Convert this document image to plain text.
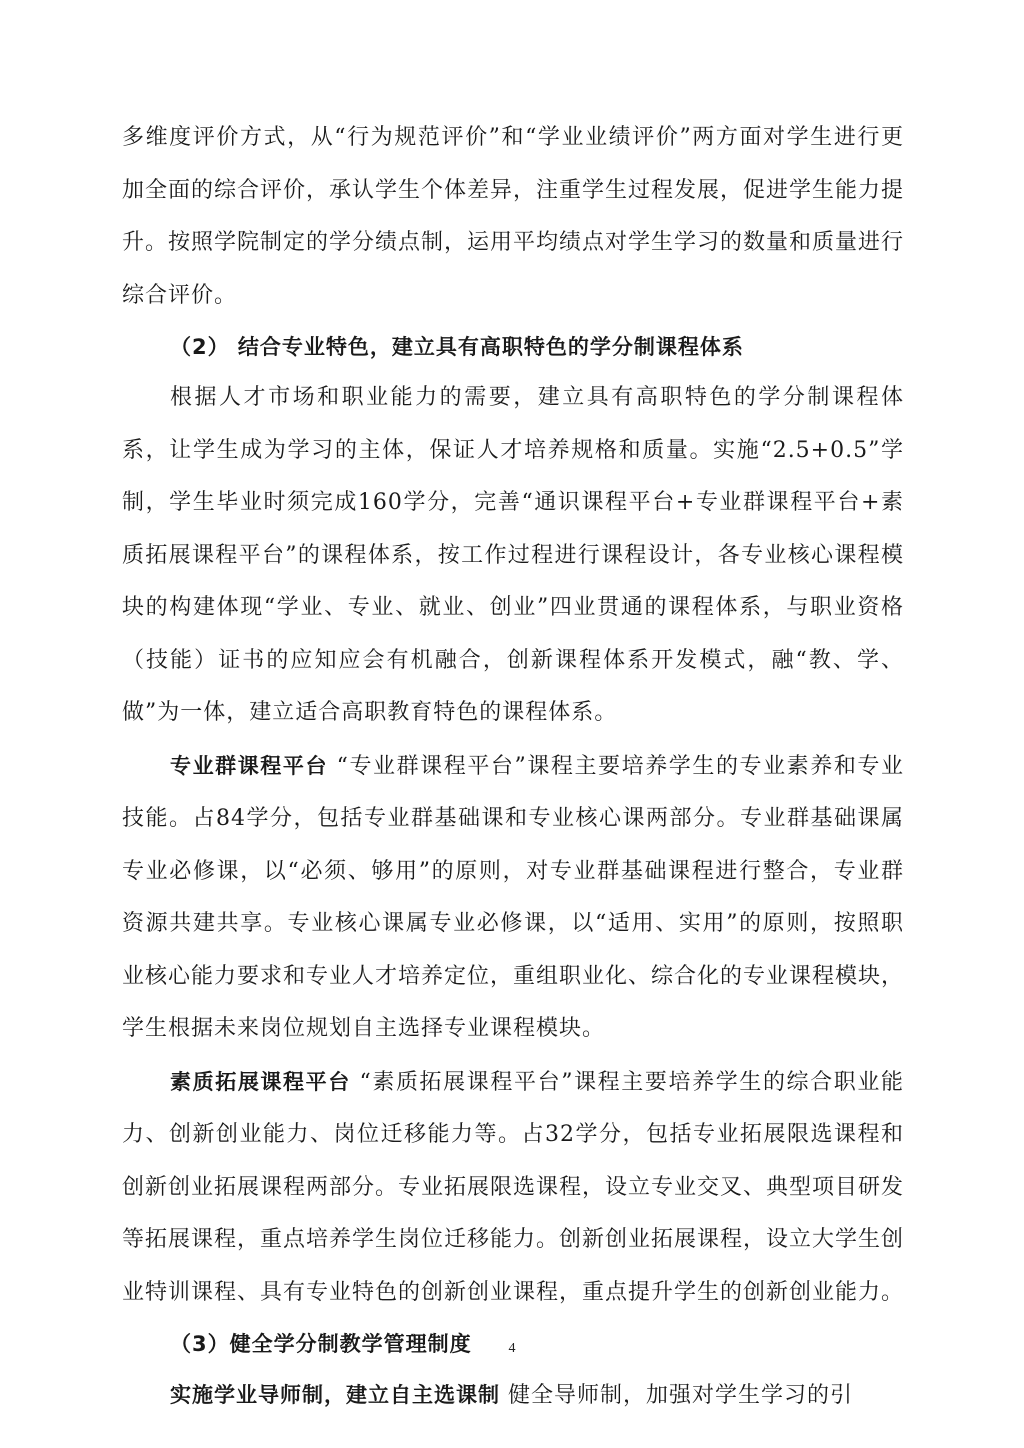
多维度评价方式，从“行为规范评价”和“学业业绩评价”两方面对学生进行更加全面的综合评价，承认学生个体差异，注重学生过程发展，促进学生能力提升。按照学院制定的学分绩点制，运用平均绩点对学生学习的数量和质量进行综合评价。

（2） 结合专业特色，建立具有高职特色的学分制课程体系

根据人才市场和职业能力的需要，建立具有高职特色的学分制课程体系，让学生成为学习的主体，保证人才培养规格和质量。实施“2.5+0.5”学制，学生毕业时须完成160学分，完善“通识课程平台+专业群课程平台+素质拓展课程平台”的课程体系，按工作过程进行课程设计，各专业核心课程模块的构建体现“学业、专业、就业、创业”四业贯通的课程体系，与职业资格（技能）证书的应知应会有机融合，创新课程体系开发模式，融“教、学、做”为一体，建立适合高职教育特色的课程体系。

专业群课程平台 “专业群课程平台”课程主要培养学生的专业素养和专业技能。占84学分，包括专业群基础课和专业核心课两部分。专业群基础课属专业必修课，以“必须、够用”的原则，对专业群基础课程进行整合，专业群资源共建共享。专业核心课属专业必修课，以“适用、实用”的原则，按照职业核心能力要求和专业人才培养定位，重组职业化、综合化的专业课程模块，学生根据未来岗位规划自主选择专业课程模块。

素质拓展课程平台 “素质拓展课程平台”课程主要培养学生的综合职业能力、创新创业能力、岗位迁移能力等。占32学分，包括专业拓展限选课程和创新创业拓展课程两部分。专业拓展限选课程，设立专业交叉、典型项目研发等拓展课程，重点培养学生岗位迁移能力。创新创业拓展课程，设立大学生创业特训课程、具有专业特色的创新创业课程，重点提升学生的创新创业能力。

（3）健全学分制教学管理制度

实施学业导师制，建立自主选课制 健全导师制，加强对学生学习的引

4
